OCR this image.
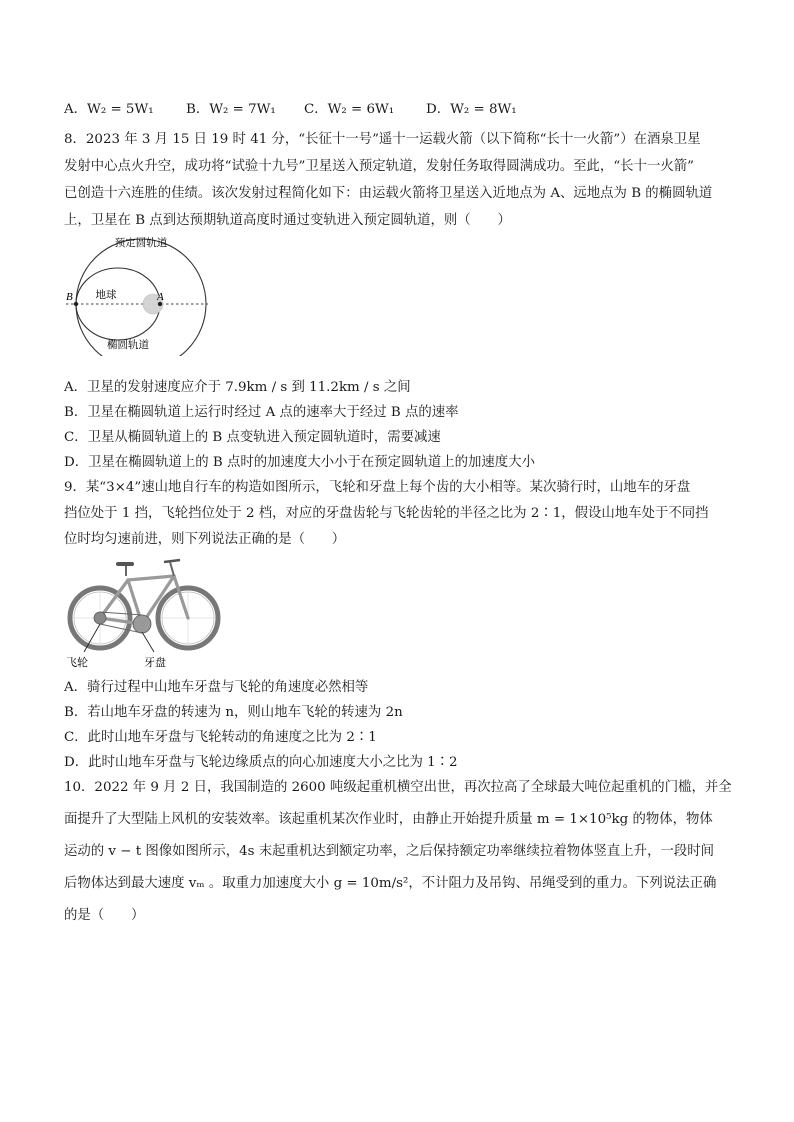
A．W₂ = 5W₁ B．W₂ = 7W₁ C．W₂ = 6W₁ D．W₂ = 8W₁
8．2023 年 3 月 15 日 19 时 41 分，“长征十一号”遥十一运载火箭（以下简称“长十一火箭”）在酒泉卫星
发射中心点火升空，成功将“试验十九号”卫星送入预定轨道，发射任务取得圆满成功。至此，“长十一火箭”
已创造十六连胜的佳绩。该次发射过程简化如下：由运载火箭将卫星送入近地点为 A、远地点为 B 的椭圆轨道
上，卫星在 B 点到达预期轨道高度时通过变轨进入预定圆轨道，则（　　）
预定圆轨道
地球
椭圆轨道
B	A
A．卫星的发射速度应介于 7.9km / s 到 11.2km / s 之间
B．卫星在椭圆轨道上运行时经过 A 点的速率大于经过 B 点的速率
C．卫星从椭圆轨道上的 B 点变轨进入预定圆轨道时，需要减速
D．卫星在椭圆轨道上的 B 点时的加速度大小小于在预定圆轨道上的加速度大小
9．某“3×4”速山地自行车的构造如图所示，飞轮和牙盘上每个齿的大小相等。某次骑行时，山地车的牙盘
挡位处于 1 挡，飞轮挡位处于 2 档，对应的牙盘齿轮与飞轮齿轮的半径之比为 2∶1，假设山地车处于不同挡
位时均匀速前进，则下列说法正确的是（　　）
飞轮	牙盘
A．骑行过程中山地车牙盘与飞轮的角速度必然相等
B．若山地车牙盘的转速为 n，则山地车飞轮的转速为 2n
C．此时山地车牙盘与飞轮转动的角速度之比为 2∶1
D．此时山地车牙盘与飞轮边缘质点的向心加速度大小之比为 1∶2
10．2022 年 9 月 2 日，我国制造的 2600 吨级起重机横空出世，再次拉高了全球最大吨位起重机的门槛，并全
面提升了大型陆上风机的安装效率。该起重机某次作业时，由静止开始提升质量 m = 1×10⁵kg 的物体，物体
运动的 v − t 图像如图所示，4s 末起重机达到额定功率，之后保持额定功率继续拉着物体竖直上升，一段时间
后物体达到最大速度 vₘ 。取重力加速度大小 g = 10m/s²，不计阻力及吊钩、吊绳受到的重力。下列说法正确
的是（　　）
